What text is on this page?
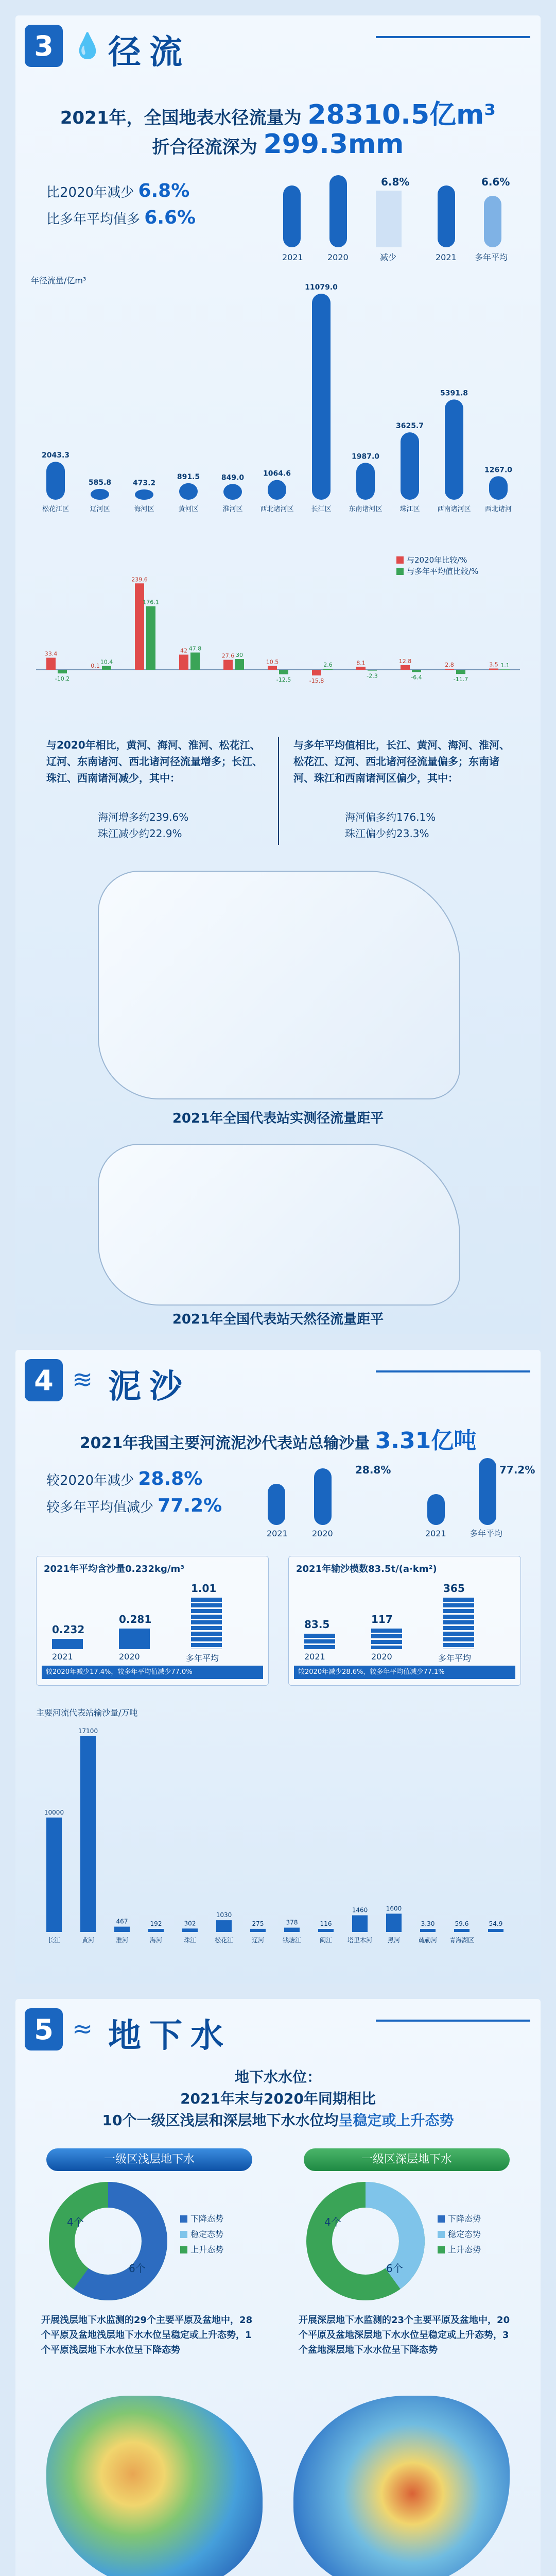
3 💧 径流
2021年，全国地表水径流量为 28310.5亿m³
折合径流深为 299.3mm
比2020年减少 6.8%
比多年平均值多 6.6%
6.8%	6.6%
2021	2020	减少	2021 多年平均
年径流量/亿m³
2043.3
松花江区
585.8
辽河区
473.2
海河区
891.5
黄河区
849.0
淮河区
1064.6
西北诸河区
11079.0
长江区
1987.0
东南诸河区
3625.7
珠江区
5391.8
西南诸河区
1267.0
西北诸河
与2020年比较/%
与多年平均值比较/%
33.4
-10.2
0.1
10.4
239.6
176.1
42 47.8
27.6 30
10.5
-12.5	-15.8
2.6	8.1
-2.3
12.8
-6.4
2.8
-11.7
3.5 1.1
与2020年相比，黄河、海河、淮河、松花江、辽河、东南诸河、西北诸河径流量增多；长江、珠江、西南诸河减少，其中：
与多年平均值相比，长江、黄河、海河、淮河、松花江、辽河、西北诸河径流量偏多；东南诸河、珠江和西南诸河区偏少，其中：
海河增多约239.6%
珠江减少约22.9%
海河偏多约176.1%
珠江偏少约23.3%
2021年全国代表站实测径流量距平
2021年全国代表站天然径流量距平
4 ≋ 泥沙
2021年我国主要河流泥沙代表站总输沙量 3.31亿吨
较2020年减少 28.8%
较多年平均值减少 77.2%
28.8%	77.2%
2021	2020	2021	多年平均
2021年平均含沙量0.232kg/m³
0.232
0.281
1.01
2021	2020	多年平均
较2020年减少17.4%，较多年平均值减少77.0%
2021年输沙模数83.5t/(a·km²)
83.5	117
365
2021	2020	多年平均
较2020年减少28.6%，较多年平均值减少77.1%
主要河流代表站输沙量/万吨
10000
长江
17100
黄河
467
淮河
192
海河
302
珠江
1030
松花江
275
辽河
378
钱塘江
116
闽江
1460
塔里木河
1600
黑河
3.30
疏勒河
59.6
青海湖区
54.9
5 ≈ 地下水
地下水水位：
2021年末与2020年同期相比
10个一级区浅层和深层地下水水位均呈稳定或上升态势
一级区浅层地下水	一级区深层地下水
4个
6个
下降态势
稳定态势
上升态势
4个
6个
下降态势
稳定态势
上升态势
开展浅层地下水监测的29个主要平原及盆地中，28个平原及盆地浅层地下水水位呈稳定或上升态势，1个平原浅层地下水水位呈下降态势
开展深层地下水监测的23个主要平原及盆地中，20个平原及盆地深层地下水水位呈稳定或上升态势，3个盆地深层地下水水位呈下降态势
